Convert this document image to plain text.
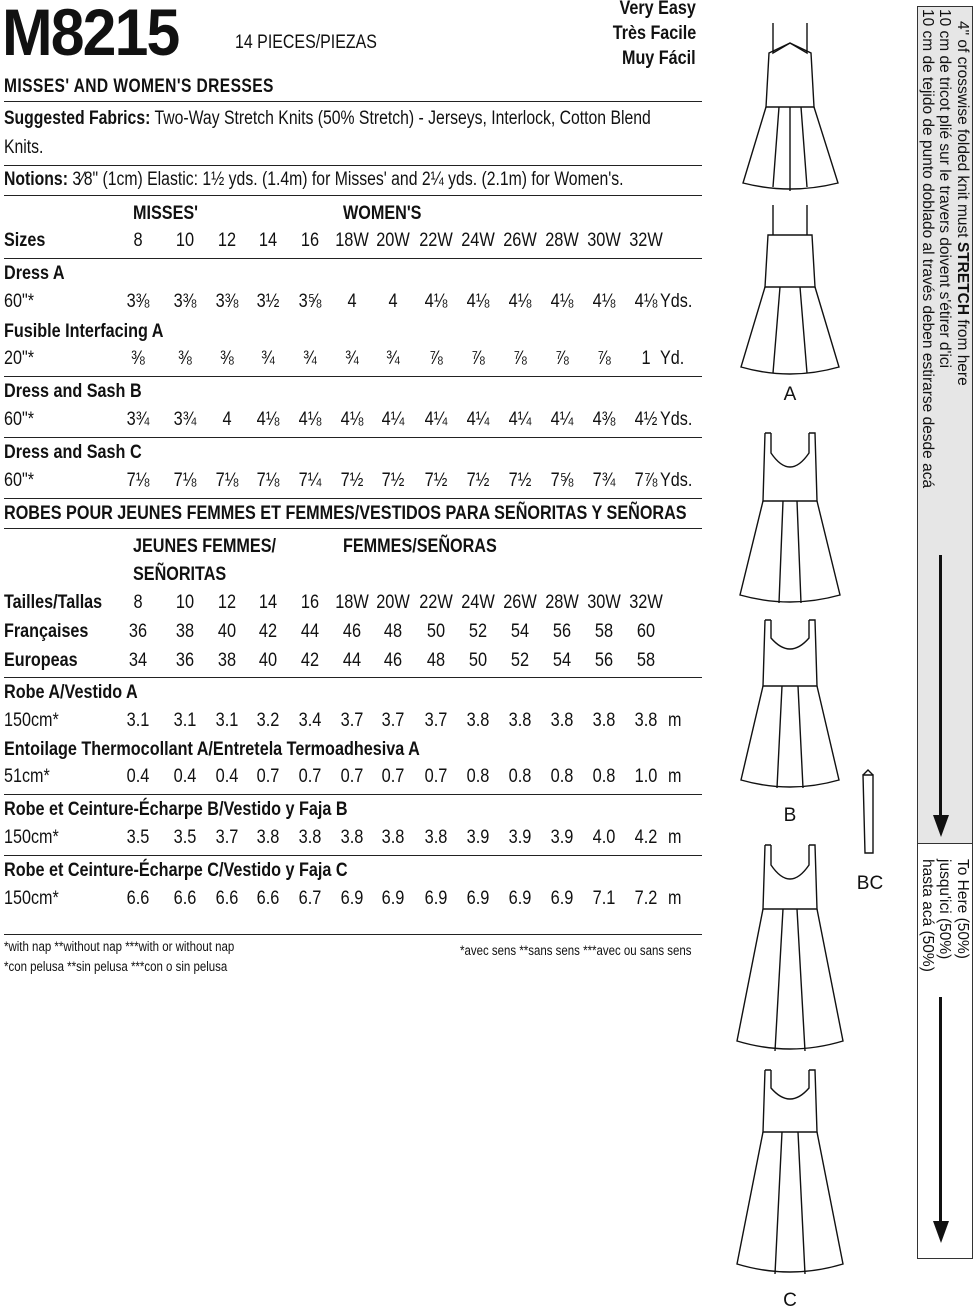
M8215	14 PIECES/PIEZAS
Very Easy
Très Facile
Muy Fácil
MISSES' AND WOMEN'S DRESSES
Suggested Fabrics: Two-Way Stretch Knits (50% Stretch) - Jerseys, Interlock, Cotton Blend
Knits.
Notions: 3⁄8" (1cm) Elastic: 1½ yds. (1.4m) for Misses' and 2¼ yds. (2.1m) for Women's.
MISSES'	WOMEN'S
Sizes	8	10	12	14	16 18W 20W 22W 24W 26W 28W 30W 32W
Dress A
60"*	3⅜	3⅜	3⅜ 3½	3⅝	4	4	4⅛	4⅛	4⅛	4⅛	4⅛	4⅛ Yds.
Fusible Interfacing A
20"*	⅜	⅜	⅜	¾	¾	¾	¾	⅞	⅞	⅞	⅞	⅞	1 Yd.
Dress and Sash B
60"*	3¾	3¾	4	4⅛	4⅛	4⅛ 4¼	4¼	4¼	4¼	4¼	4⅜	4½ Yds.
Dress and Sash C
60"*	7⅛	7⅛	7⅛ 7⅛	7¼	7½ 7½	7½	7½	7½	7⅝	7¾	7⅞ Yds.
ROBES POUR JEUNES FEMMES ET FEMMES/VESTIDOS PARA SEÑORITAS Y SEÑORAS
JEUNES FEMMES/
SEÑORITAS
FEMMES/SEÑORAS
Tailles/Tallas	8	10	12	14	16 18W 20W 22W 24W 26W 28W 30W 32W
Françaises	36	38	40	42	44	46	48	50	52	54	56	58	60
Europeas	34	36	38	40	42	44	46	48	50	52	54	56	58
Robe A/Vestido A
150cm*	3.1	3.1	3.1 3.2	3.4	3.7 3.7	3.7	3.8	3.8	3.8	3.8	3.8 m
Entoilage Thermocollant A/Entretela Termoadhesiva A
51cm*	0.4	0.4	0.4 0.7	0.7	0.7 0.7	0.7	0.8	0.8	0.8	0.8	1.0 m
Robe et Ceinture-Écharpe B/Vestido y Faja B
150cm*	3.5	3.5	3.7 3.8	3.8	3.8 3.8	3.8	3.9	3.9	3.9	4.0	4.2 m
Robe et Ceinture-Écharpe C/Vestido y Faja C
150cm*	6.6	6.6	6.6 6.6	6.7	6.9 6.9	6.9	6.9	6.9	6.9	7.1	7.2 m
*with nap **without nap ***with or without nap
*con pelusa **sin pelusa ***con o sin pelusa
*avec sens **sans sens ***avec ou sans sens
A
B
BC
C
4" of crosswise folded knit must STRETCH from here
10 cm de tricot plié sur le travers doivent s'étirer d'ici
10 cm de tejido de punto doblado al través deben estirarse desde acá
To Here (50%)
jusqu'ici (50%)
hasta acá (50%)
